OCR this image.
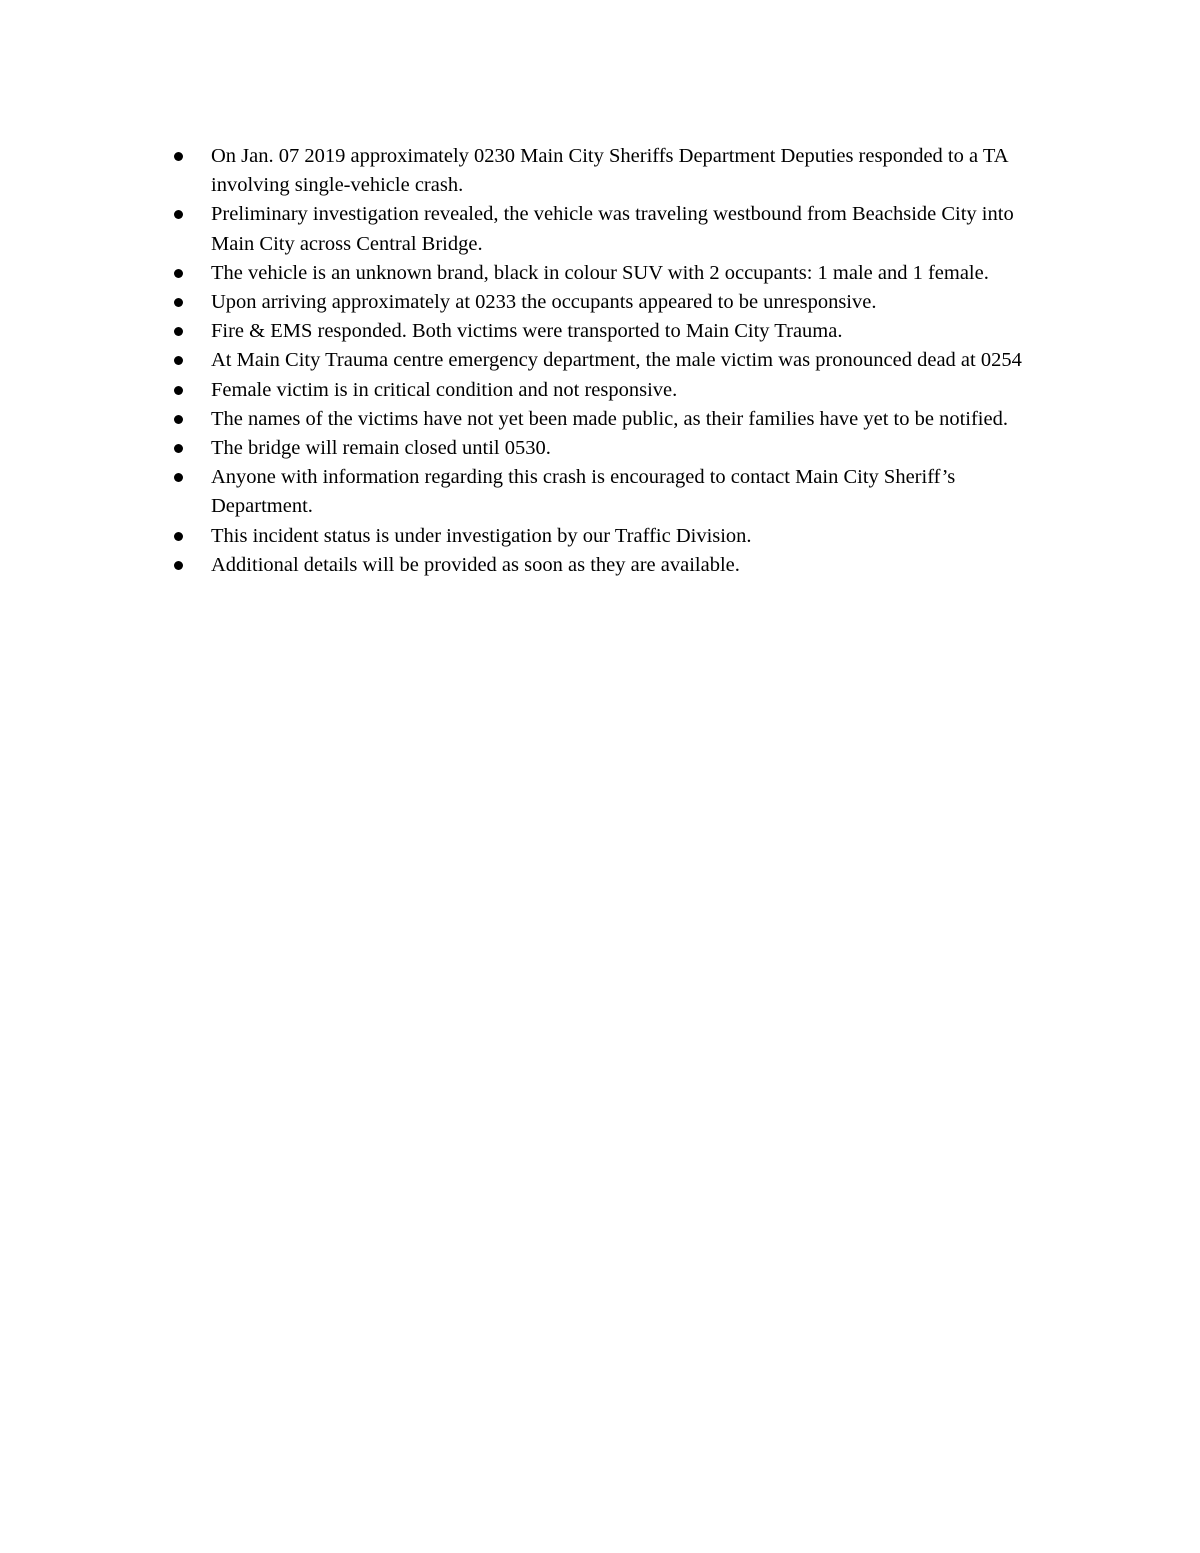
On Jan. 07 2019 approximately 0230 Main City Sheriffs Department Deputies responded to a TA involving single-vehicle crash.
Preliminary investigation revealed, the vehicle was traveling westbound from Beachside City into Main City across Central Bridge.
The vehicle is an unknown brand, black in colour SUV with 2 occupants: 1 male and 1 female.
Upon arriving approximately at 0233 the occupants appeared to be unresponsive.
Fire & EMS responded. Both victims were transported to Main City Trauma.
At Main City Trauma centre emergency department, the male victim was pronounced dead at 0254
Female victim is in critical condition and not responsive.
The names of the victims have not yet been made public, as their families have yet to be notified.
The bridge will remain closed until 0530.
Anyone with information regarding this crash is encouraged to contact Main City Sheriff’s Department.
This incident status is under investigation by our Traffic Division.
Additional details will be provided as soon as they are available.
